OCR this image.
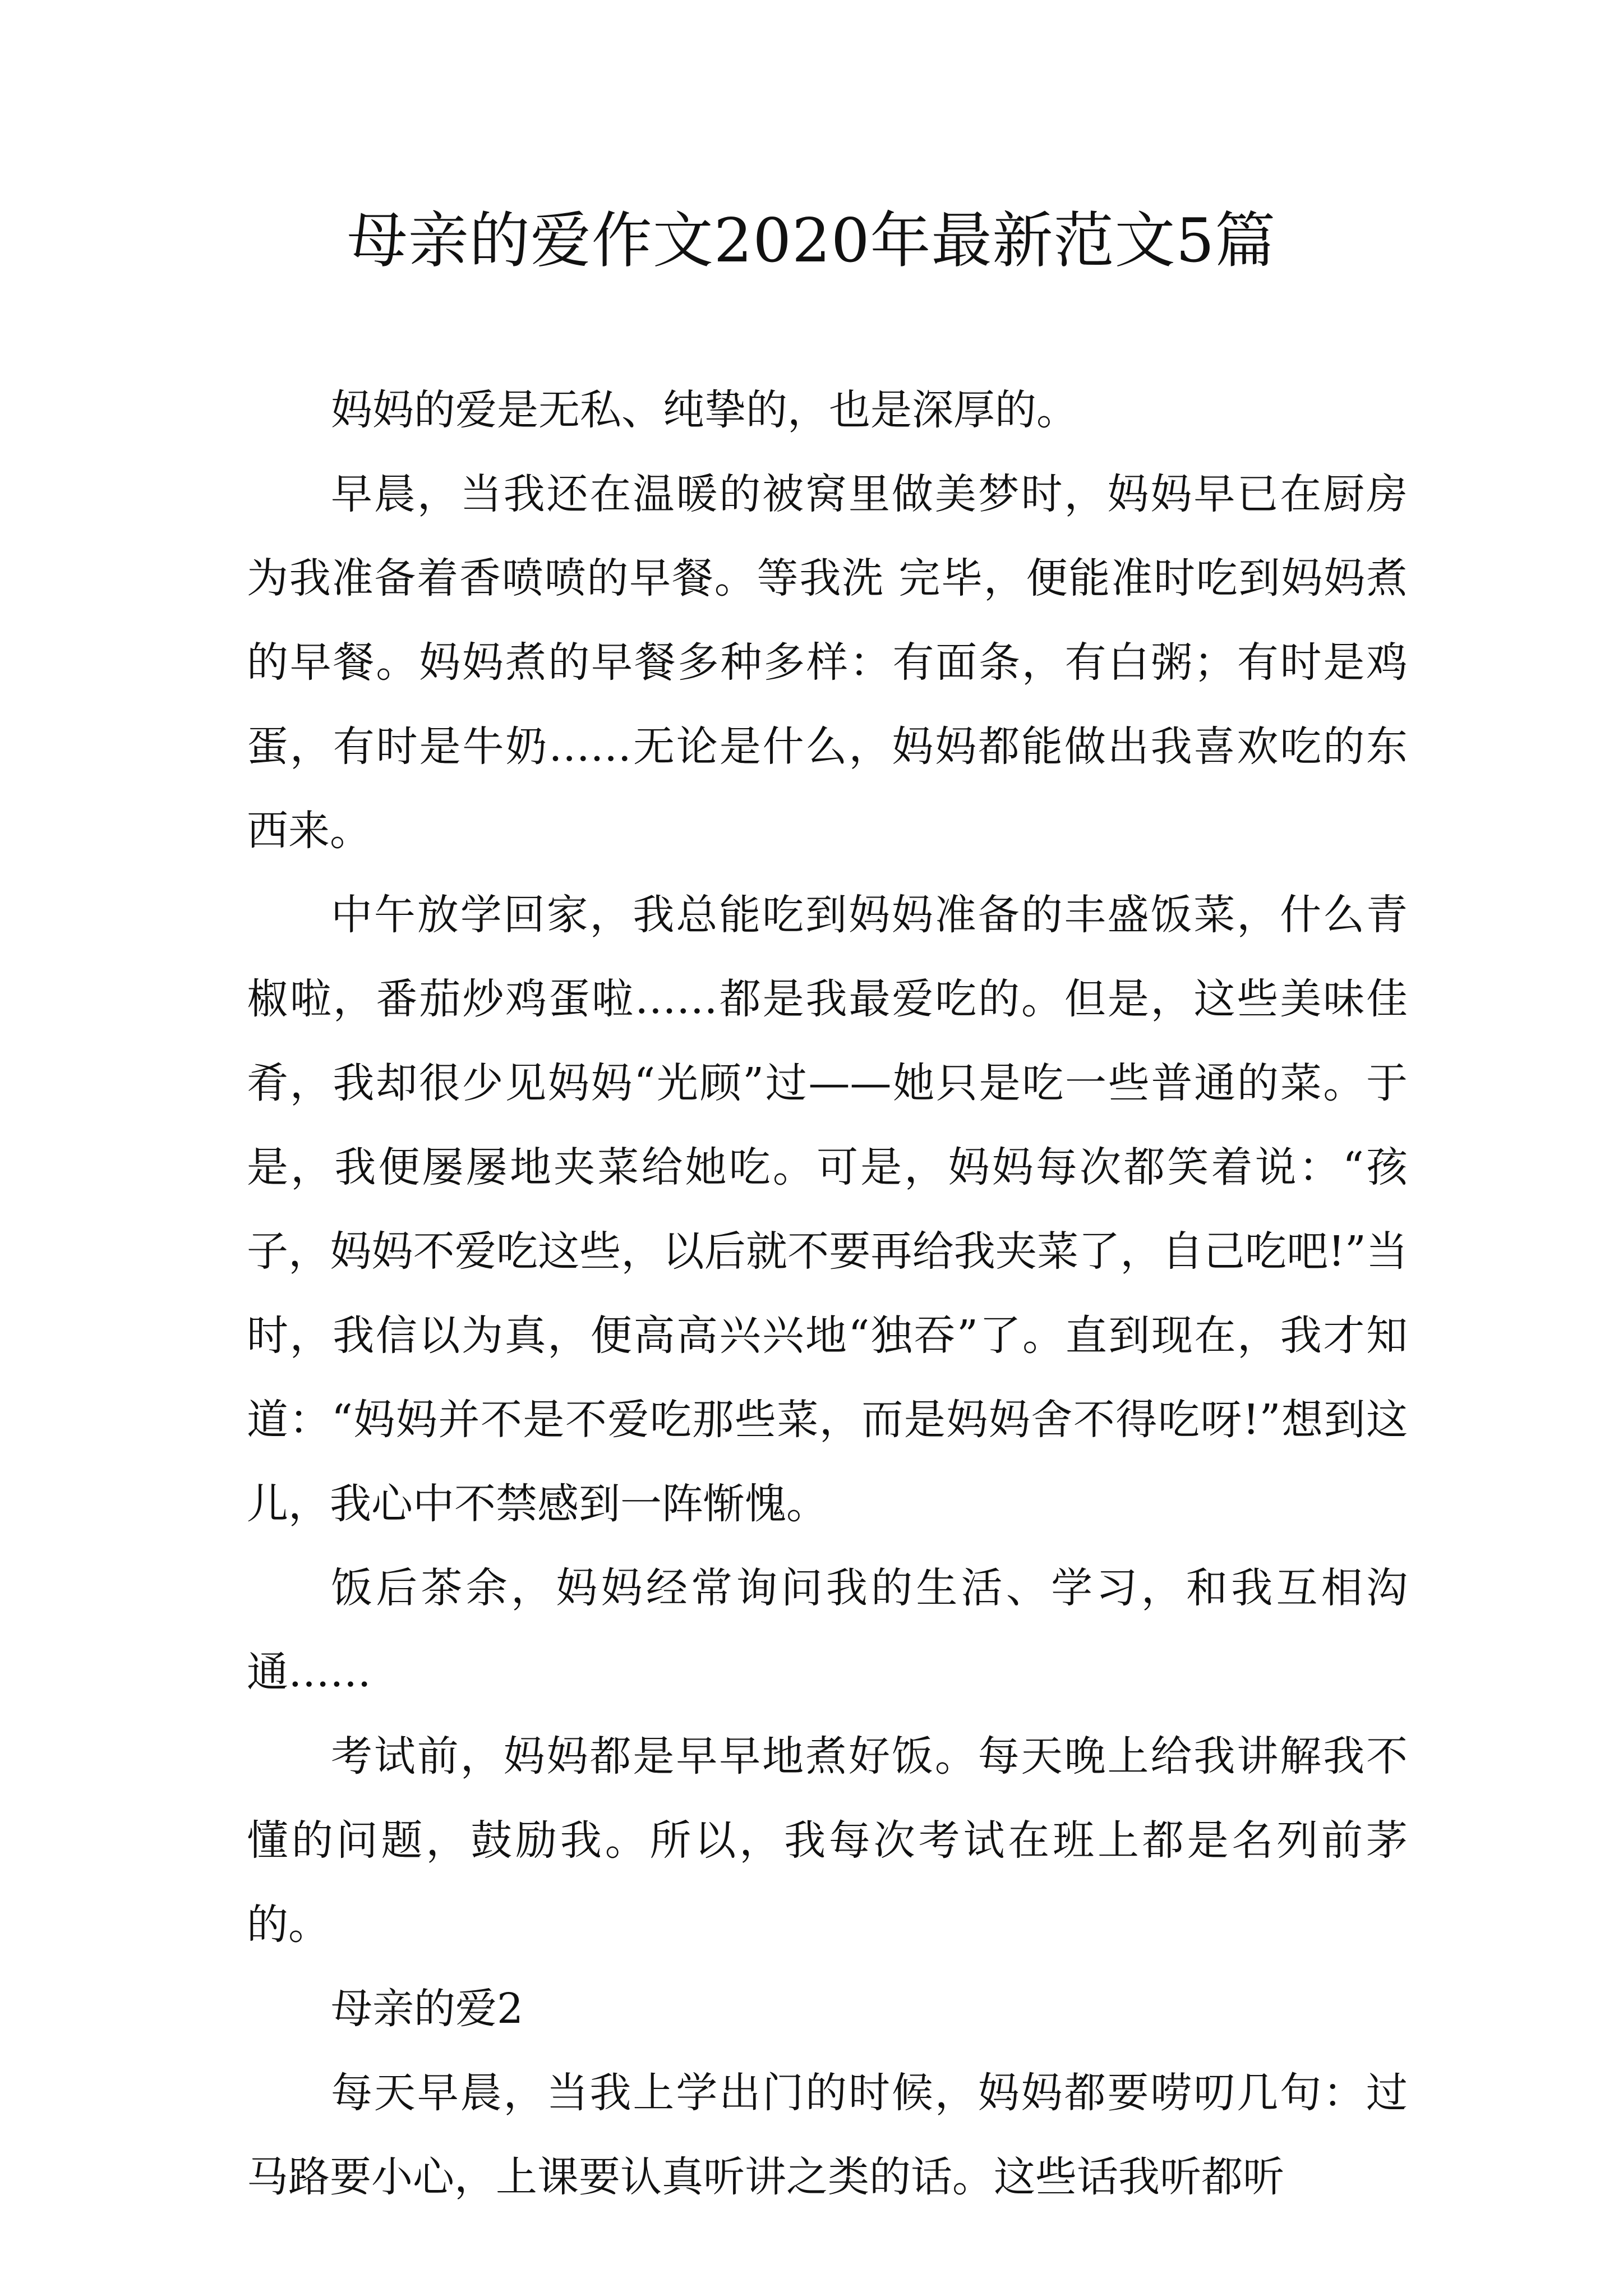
母亲的爱作文2020年最新范文5篇

妈妈的爱是无私、纯挚的，也是深厚的。

早晨，当我还在温暖的被窝里做美梦时，妈妈早已在厨房为我准备着香喷喷的早餐。等我洗 完毕，便能准时吃到妈妈煮的早餐。妈妈煮的早餐多种多样：有面条，有白粥；有时是鸡蛋，有时是牛奶……无论是什么，妈妈都能做出我喜欢吃的东西来。

中午放学回家，我总能吃到妈妈准备的丰盛饭菜，什么青椒啦，番茄炒鸡蛋啦……都是我最爱吃的。但是，这些美味佳肴，我却很少见妈妈“光顾”过——她只是吃一些普通的菜。于是，我便屡屡地夹菜给她吃。可是，妈妈每次都笑着说：“孩子，妈妈不爱吃这些，以后就不要再给我夹菜了，自己吃吧!”当时，我信以为真，便高高兴兴地“独吞”了。直到现在，我才知道：“妈妈并不是不爱吃那些菜，而是妈妈舍不得吃呀!”想到这儿，我心中不禁感到一阵惭愧。

饭后茶余，妈妈经常询问我的生活、学习，和我互相沟通……

考试前，妈妈都是早早地煮好饭。每天晚上给我讲解我不懂的问题，鼓励我。所以，我每次考试在班上都是名列前茅的。

母亲的爱2

每天早晨，当我上学出门的时候，妈妈都要唠叨几句：过马路要小心，上课要认真听讲之类的话。这些话我听都听
